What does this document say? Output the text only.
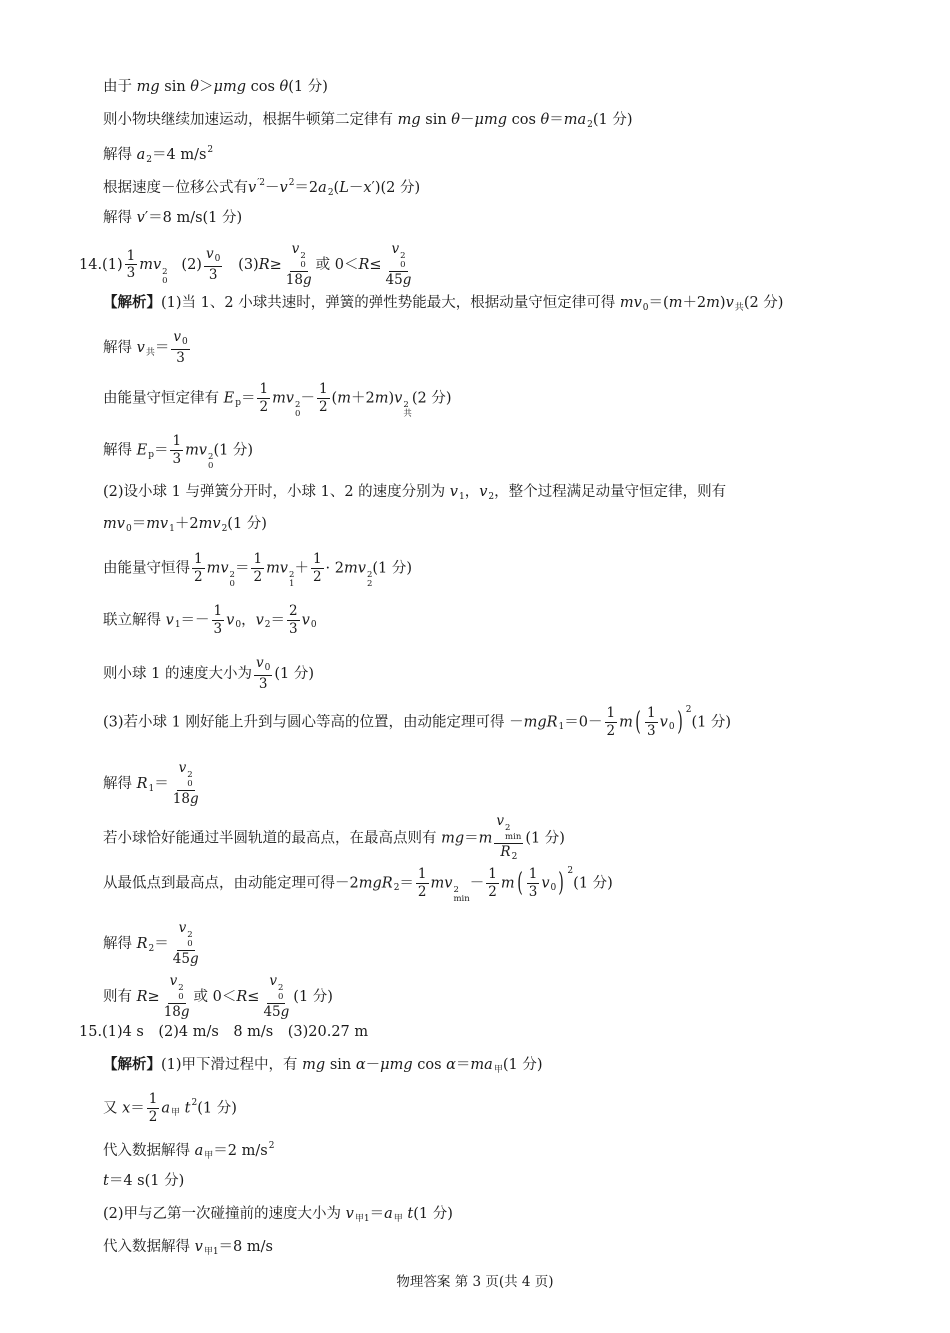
由于 mg sin θ＞μmg cos θ(1 分)
则小物块继续加速运动，根据牛顿第二定律有 mg sin θ－μmg $\cos \theta=ma_2(1$ 分)
解得 $a_2=4$ $m/s^2$
根据速度－位移公式有$v^{'2}-v^2=2a_2(L-x')(2$ 分)
解得 v′＝8 m/s(1 分)
$14.(1) \frac{1}{3}$ mv 2
0
$(2) \frac{v_0}{3} (3)R\ge v$ 2
0
18g 或 0＜R≤ v 2
0
45g
【解析】(1)当 1、2 小球共速时，弹簧的弹性势能最大，根据动量守恒定律可得 $mv_0=(m+2m)v_共(2$ 分)
解得 $v_共= \frac{v_0}{3}$
由能量守恒定律有 $E_p= \frac{1}{2}$ mv 2
0
－ $\frac{1}{2} (m+2m)v$ 2
共
(2 分)
解得 $E_p= \frac{1}{3}$ mv 2
0
(1 分)
(2)设小球 1 与弹簧分开时，小球 1、2 的速度分别为 $v_1$，$v_2$，整个过程满足动量守恒定律，则有
$mv_0=mv_1+2mv_2(1$ 分)
由能量守恒得 $\frac{1}{2}$ mv 2
0
＝ $\frac{1}{2}$ mv 2
1
＋ $\frac{1}{2} \cdot 2mv$ 2
2
(1 分)
联立解得 $v_1=- \frac{1}{3} v_0$，$v_2= \frac{2}{3} v_0$
则小球 1 的速度大小为 $\frac{v_0}{3} (1$ 分)
(3)若小球 1 刚好能上升到与圆心等高的位置，由动能定理可得 $-mgR_1=0- \frac{1}{2} m( \frac{1}{3} v_0)$ $^2$(1 分)
解得 $R_1= v$ 2
0
18g
若小球恰好能通过半圆轨道的最高点，在最高点则有 mg＝m v 2
min
$R_2$ (1 分)
从最低点到最高点，由动能定理可得$-2mgR_2= \frac{1}{2}$ mv 2
min
－ $\frac{1}{2} m( \frac{1}{3} v_0)$ $^2$(1 分)
解得 $R_2= v$ 2
0
45g
则有 R≥ v 2
0
18g 或 0＜R≤ v 2
0
45g (1 分)
15.(1)4 s　(2)4 m/s　8 m/s　(3)20.27 m
【解析】(1)甲下滑过程中，有 mg sin α－μmg $\cos \alpha=ma_甲(1$ 分)
又 $x= \frac{1}{2} a_甲$ $t^2(1$ 分)
代入数据解得 $a_甲=2$ $m/s^2$
t＝4 s(1 分)
(2)甲与乙第一次碰撞前的速度大小为 $v_{甲1}=a_甲$ t(1 分)
代入数据解得 $v_{甲1}=8$ m/s
物理答案 第 3 页(共 4 页)
